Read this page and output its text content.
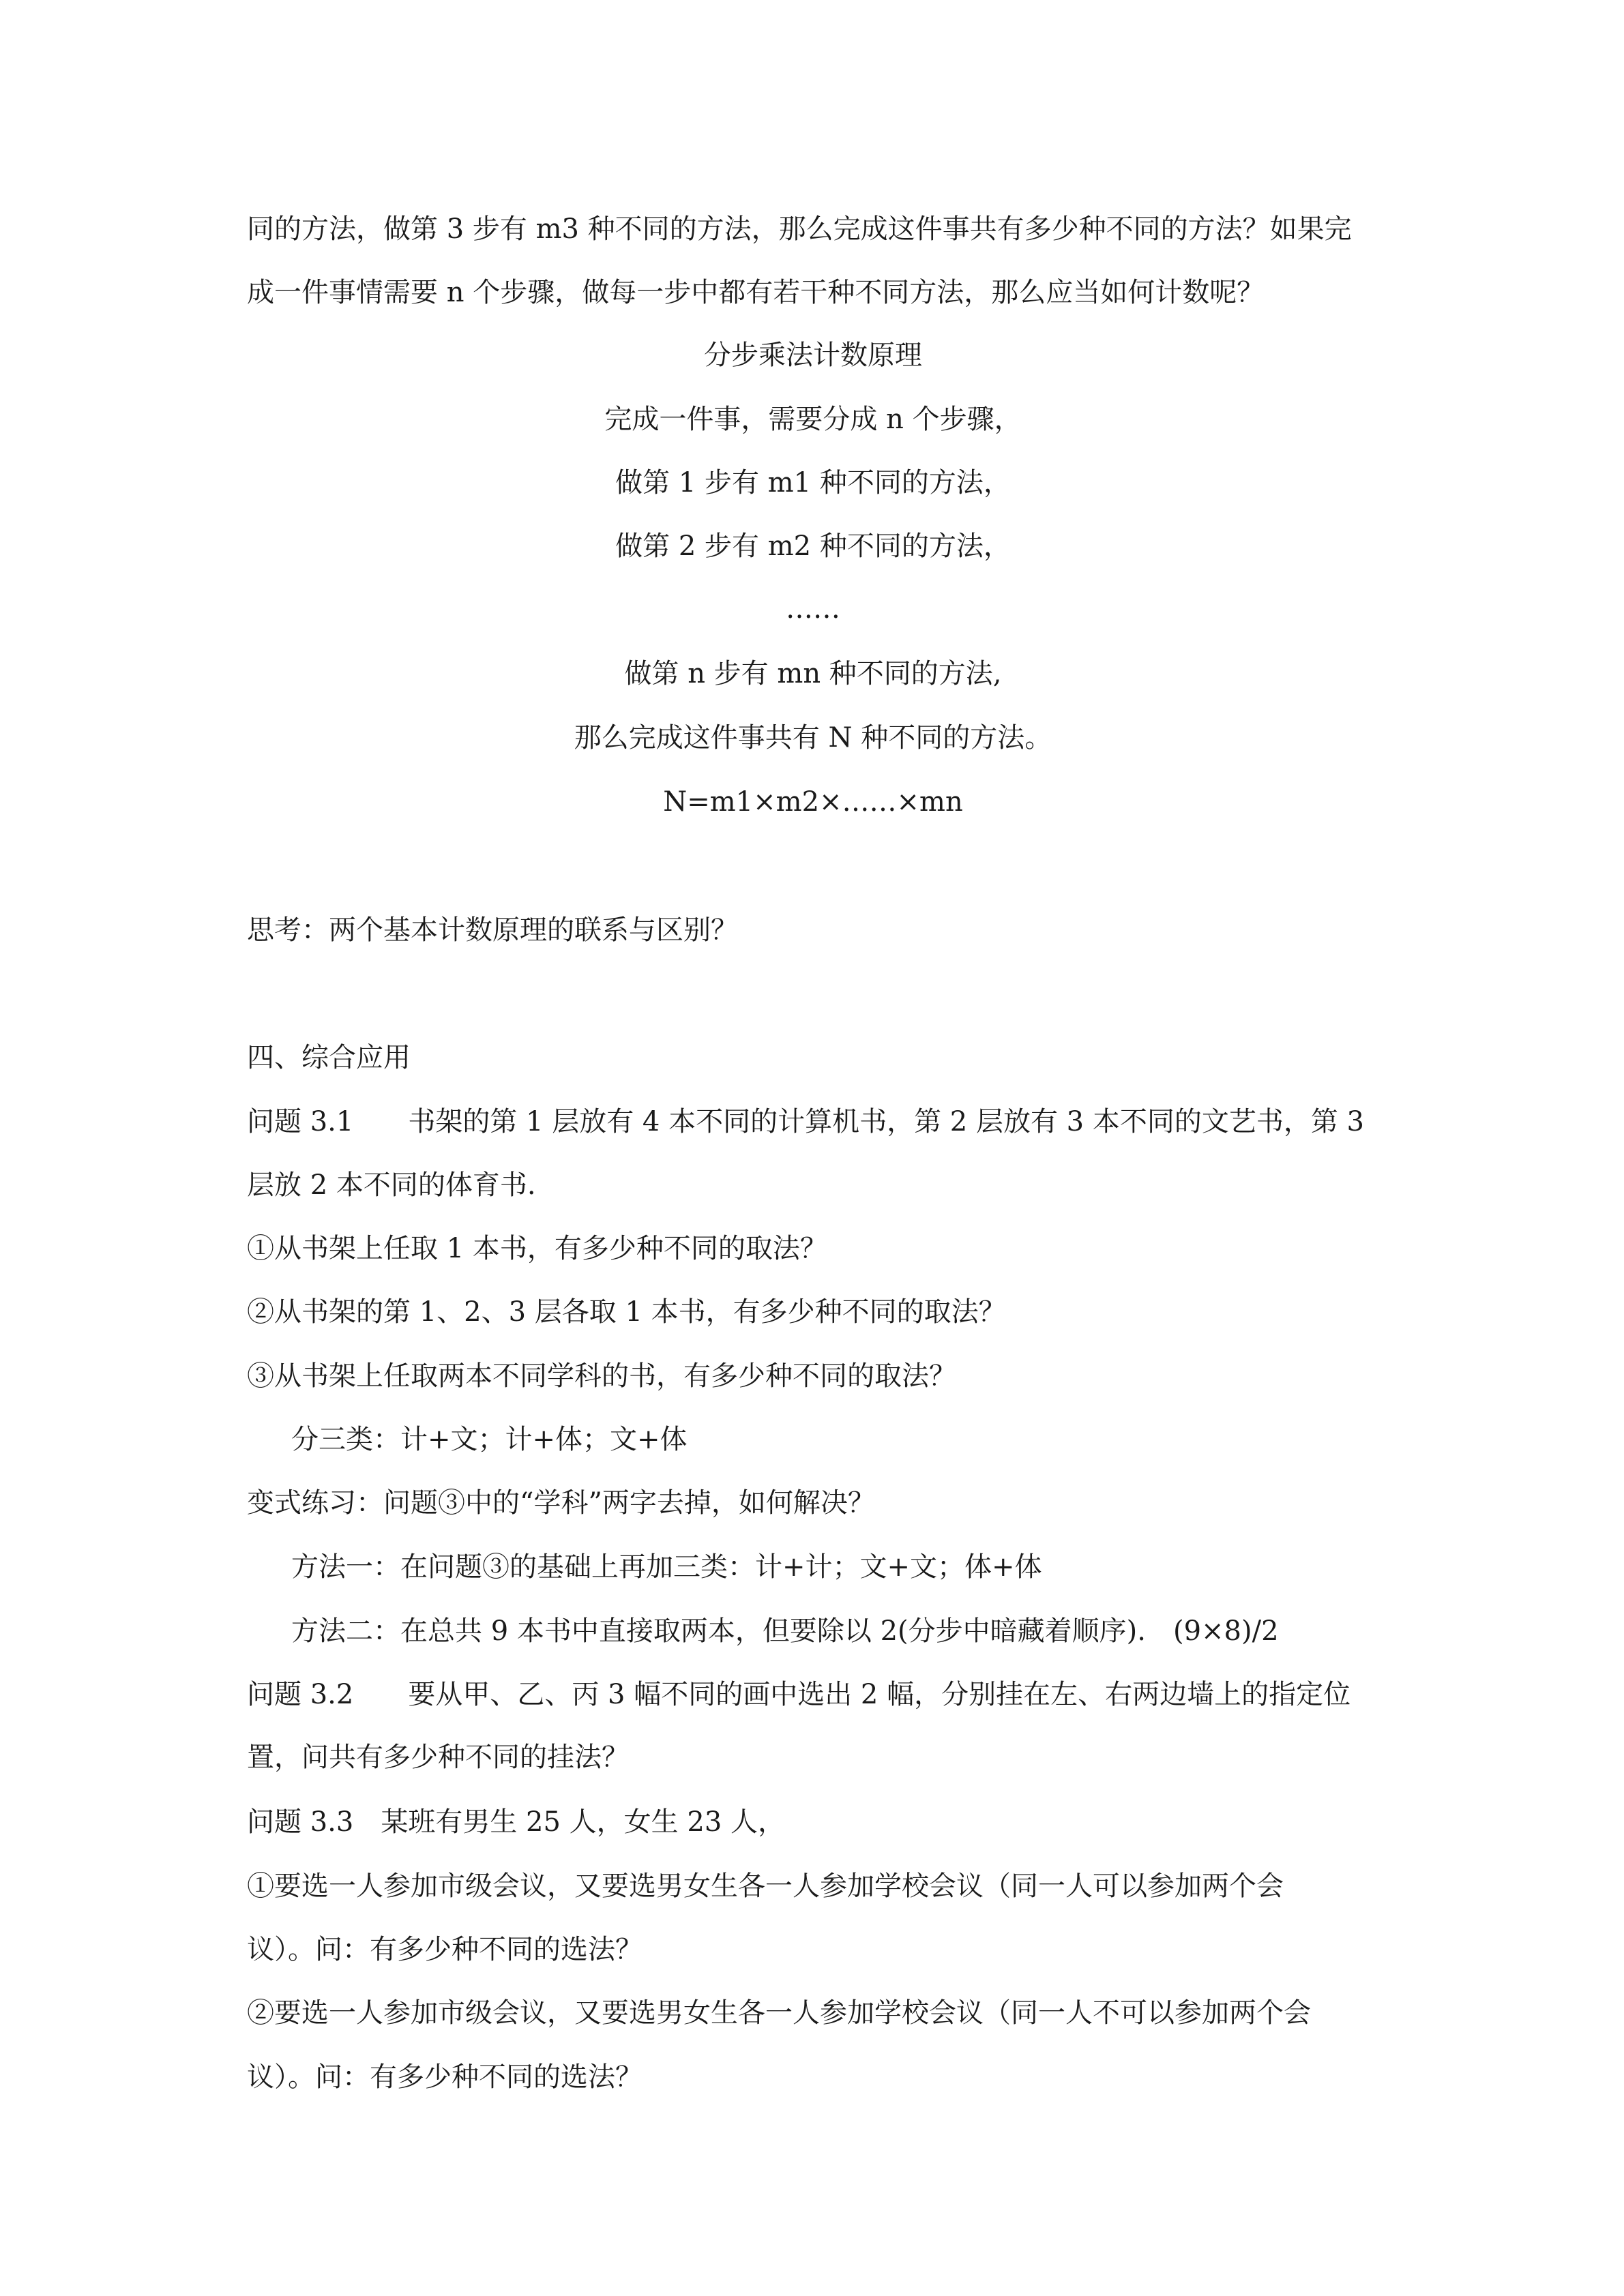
同的方法，做第 3 步有 m3 种不同的方法，那么完成这件事共有多少种不同的方法？如果完
成一件事情需要 n 个步骤，做每一步中都有若干种不同方法，那么应当如何计数呢？
分步乘法计数原理
完成一件事，需要分成 n 个步骤，
做第 1 步有 m1 种不同的方法，
做第 2 步有 m2 种不同的方法，
……
做第 n 步有 mn 种不同的方法,
那么完成这件事共有 N 种不同的方法。
N=m1×m2×……×mn
思考：两个基本计数原理的联系与区别？
四、综合应用
问题 3.1　　书架的第 1 层放有 4 本不同的计算机书，第 2 层放有 3 本不同的文艺书，第 3
层放 2 本不同的体育书.
①从书架上任取 1 本书，有多少种不同的取法？
②从书架的第 1、2、3 层各取 1 本书，有多少种不同的取法？
③从书架上任取两本不同学科的书，有多少种不同的取法？
分三类：计+文；计+体；文+体
变式练习：问题③中的“学科”两字去掉，如何解决？
方法一：在问题③的基础上再加三类：计+计；文+文；体+体
方法二：在总共 9 本书中直接取两本，但要除以 2(分步中暗藏着顺序).　(9×8)/2
问题 3.2　　要从甲、乙、丙 3 幅不同的画中选出 2 幅，分别挂在左、右两边墙上的指定位
置，问共有多少种不同的挂法？
问题 3.3　某班有男生 25 人，女生 23 人，
①要选一人参加市级会议，又要选男女生各一人参加学校会议（同一人可以参加两个会
议）。问：有多少种不同的选法？
②要选一人参加市级会议，又要选男女生各一人参加学校会议（同一人不可以参加两个会
议）。问：有多少种不同的选法？
